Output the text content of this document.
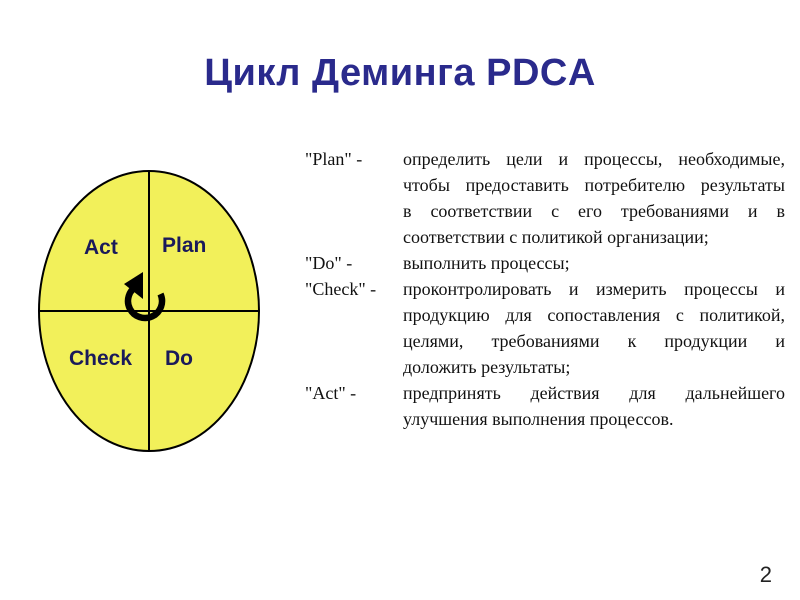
Цикл Деминга PDCA
Act Plan
Check Do
"Plan" -	определить цели и процессы, необходимые,
чтобы предоставить потребителю результаты
в соответствии с его требованиями и в
соответствии с политикой организации;
"Do" -	выполнить процессы;
"Check" -	проконтролировать и измерить процессы и
продукцию для сопоставления с политикой,
целями, требованиями к продукции и
доложить результаты;
"Act" -	предпринять действия для дальнейшего
улучшения выполнения процессов.
2
